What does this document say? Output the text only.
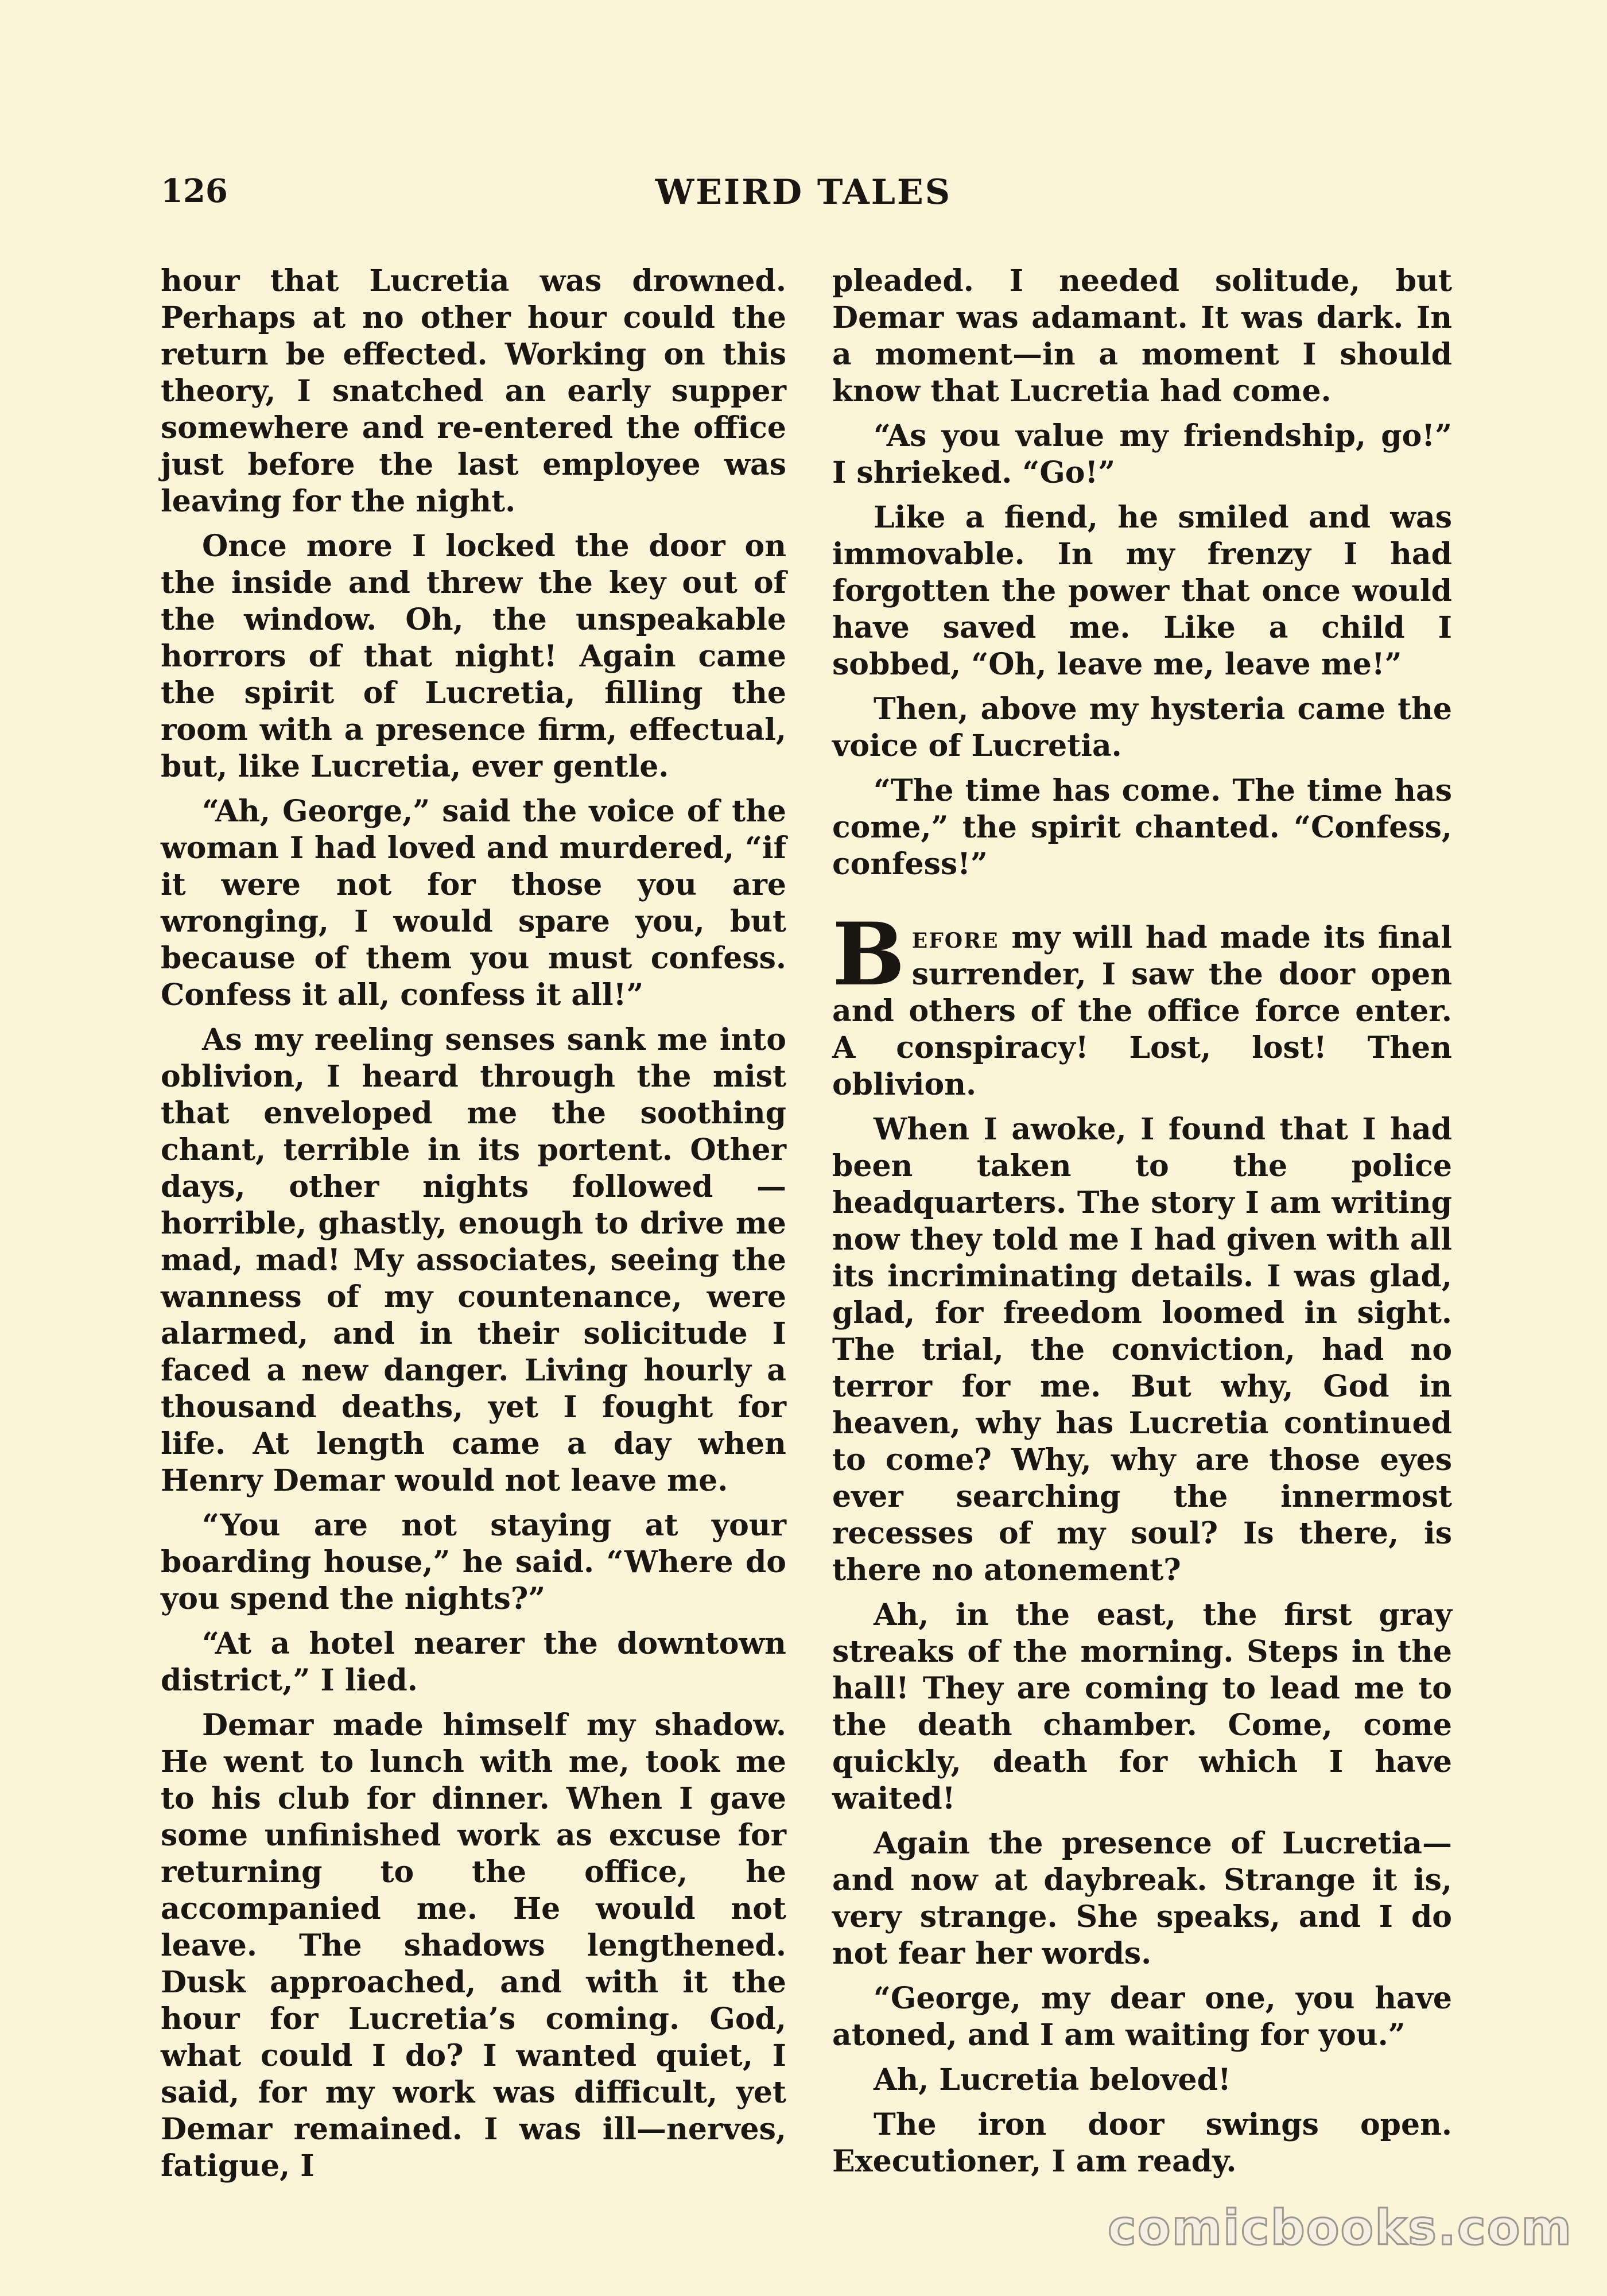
126	WEIRD TALES

hour that Lucretia was drowned. Perhaps at no other hour could the return be effected. Working on this theory, I snatched an early supper somewhere and re-entered the office just before the last employee was leaving for the night.

Once more I locked the door on the inside and threw the key out of the window. Oh, the unspeakable horrors of that night! Again came the spirit of Lucretia, filling the room with a presence firm, effectual, but, like Lucretia, ever gentle.

“Ah, George,” said the voice of the woman I had loved and murdered, “if it were not for those you are wronging, I would spare you, but because of them you must confess. Confess it all, confess it all!”

As my reeling senses sank me into oblivion, I heard through the mist that enveloped me the soothing chant, terrible in its portent. Other days, other nights followed — horrible, ghastly, enough to drive me mad, mad! My associates, seeing the wanness of my countenance, were alarmed, and in their solicitude I faced a new danger. Living hourly a thousand deaths, yet I fought for life. At length came a day when Henry Demar would not leave me.

“You are not staying at your boarding house,” he said. “Where do you spend the nights?”

“At a hotel nearer the downtown district,” I lied.

Demar made himself my shadow. He went to lunch with me, took me to his club for dinner. When I gave some unfinished work as excuse for returning to the office, he accompanied me. He would not leave. The shadows lengthened. Dusk approached, and with it the hour for Lucretia’s coming. God, what could I do? I wanted quiet, I said, for my work was difficult, yet Demar remained. I was ill—nerves, fatigue, I

pleaded. I needed solitude, but Demar was adamant. It was dark. In a moment—in a moment I should know that Lucretia had come.

“As you value my friendship, go!” I shrieked. “Go!”

Like a fiend, he smiled and was immovable. In my frenzy I had forgotten the power that once would have saved me. Like a child I sobbed, “Oh, leave me, leave me!”

Then, above my hysteria came the voice of Lucretia.

“The time has come. The time has come,” the spirit chanted. “Confess, confess!”

Before my will had made its final surrender, I saw the door open and others of the office force enter. A conspiracy! Lost, lost! Then oblivion.

When I awoke, I found that I had been taken to the police headquarters. The story I am writing now they told me I had given with all its incriminating details. I was glad, glad, for freedom loomed in sight. The trial, the conviction, had no terror for me. But why, God in heaven, why has Lucretia continued to come? Why, why are those eyes ever searching the innermost recesses of my soul? Is there, is there no atonement?

Ah, in the east, the first gray streaks of the morning. Steps in the hall! They are coming to lead me to the death chamber. Come, come quickly, death for which I have waited!

Again the presence of Lucretia—and now at daybreak. Strange it is, very strange. She speaks, and I do not fear her words.

“George, my dear one, you have atoned, and I am waiting for you.”

Ah, Lucretia beloved!

The iron door swings open. Executioner, I am ready.

comicbooks.com
